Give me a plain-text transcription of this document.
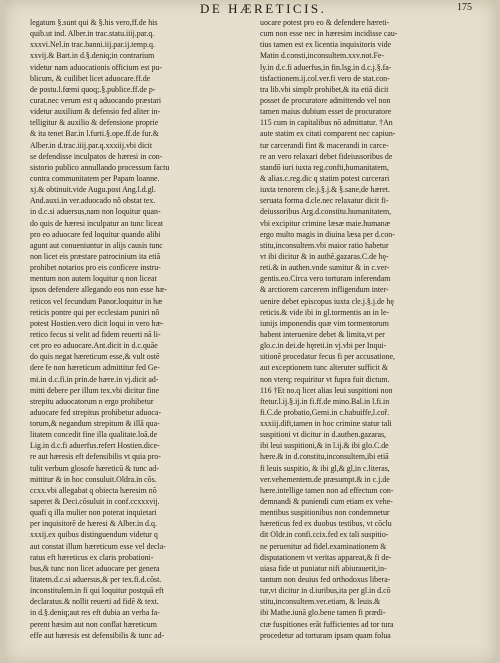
DE HÆRETICIS.	175
legatum §.sunt qui & §.his vero,ff.de his
quib.ut ind. Alber.in trac.statu.iiij.par.q.
xxxvi.Nel.in trac.banni.iij.par.ij.temp.q.
xxvij.& Bart.in d.§.deniq;in contrarium
videtur nam aduocationis officium est pu-
blicum, & cuilibet licet aduocare.ff.de
de postu.l.fœmi quoq;.§.publice.ff.de p-
curat.nec verum est q aduocando præstari
videtur auxilium & defensio fed aliter in-
telligitur & auxilio & defensione proprie
& ita tenet Bar.in l.furti.§.ope.ff.de fur.&
Alber.in d.trac.iiij.par.q.xxxiij.vbi dicit
se defendisse inculpatos de hæresi in con-
sistorio publico annullando processum factu
contra communitatem per Papam loanne.
xj.& obtinuit.vide Augu.post Ang.l.d.gl.
And.auxi.in ver.aduocado nô obstat tex.
in d.c.si aduersus,nam non loquitur quan-
do quis de hæresi inculpatur an tunc liceat
pro eo aduocare fed loquitur quando alibi
agunt aut conueniuntur in alijs causis tunc
non licet eis præstare patrocinium ita etiā
prohibet notarios pro eis conficere instru-
mentum non autem loquitur q non liceat
ipsos defendere allegando eos non esse hæ-
reticos vel fecundum Panor.loquitur in hæ
reticis pontre qui per ecclesiam puniri nô
potest Hostien.vero dicit loqui in vero hæ-
retico fecus si velit ad fidem reuerti nā li-
cet pro eo aduocare.Ant.dicit in d.c.quāe
do quis negat hæreticum esse,& vult ostē
dere fe non hæreticum admittitur fed Ge-
mi.in d.c.fi.in prin.de hære.in vj.dicit ad-
mitti debere per illum tex.vbi dicitur fine
strepitu aduocatorum n ergo prohibetur
aduocare fed strepitus prohibetur aduoca-
torum,& negandum strepitum & illā qua-
litatem concedit fine illa qualitate.loā.de
Lig.in d.c.fi aduerfus.refert Hostien.dice-
re aut hæresis eft defensibilis vt quia pro-
tulit verbum glosofe hæreticū & tunc ad-
mittitur & in hoc consuluit.Oldra.in cōs.
ccxx.vbi allegabat q obiecta hæresim nō
saperet & Deci.cōsuluit in conf.ccxxxvij.
quafi q illa mulier non poterat inquietari
per inquisitorē de hæresi & Alber.in d.q.
xxxij.ex quibus distinguendum videtur q
aut constat illum hæreticum esse vel decla-
ratus eft hæreticus ex claris probationi-
bus,& tunc non licet aduocare per genera
litatem.d.c.si aduersus,& per tex.fi.d.cōst.
inconstitulem.in fi qui loquitur postquā eft
declaratus.& nollit reuerti ad fidē & text.
in d.§.deniq;aut res eft dubia an verba fa-
perent hæsim aut non conflat hæreticum
effe aut hæresis est defensibilis & tunc ad-
uocare potest pro eo & defendere hæreti-
cum non esse nec in hæresim incidisse cau-
tius tamen est ex licentia inquisitoris vide
Matin d.consti,inconsultem.xxv.not.Fe-
ly.in d.c.fi aduerfus,in fin.lsg.in d.c.j.§.fa-
tisfactionem.ij.col.ver.fi vero de stat.con-
tra lib.vbi simplr prohibet,& ita etiā dicit
posset de procuratore admittendo vel non
tamen maius dubium esset de procuratore
115 cum in capitalibus nō admittatur. †An
aute statim ex citati comparent nec capiun-
tur carcerandi fint & macerandi in carce-
re an vero relaxari debet fideiussoribus de
standō iuri iuxta reg.confti,humanitatem,
& alias.c.reg.dic q statim potest carcerari
iuxta tenorem cle.j.§.j.& §.sane,de hæret.
seruata forma d.cle.nec relaxatur dicit fi-
deiussoribus Arg.d.constitu.humanitatem,
vbi excipitur crimine læsæ maie.humanæ
ergo multo magis in diuina læsa per d.con-
stitu,inconsultem.vbi maior ratio habetur
vt ibi dicitur & in authē.gazaras.C.de hę-
reti.& in authen.vnde sumitur & in c.ver-
gentis.eo.Circa vero torturam inferendam
& arctiorem carcerem infligendum inter-
uenire debet episcopus iuxta cle.j.§.j.de hę
reticis.& vide ibi in gl.tormentis an in le-
iunijs imponendis quæ vim tormentorum
habent interuenire debet & limita,vt per
glo.c.in dei.de hęreti.in vj.vbi per Inqui-
sitionē procedatur fecus fi per accusatione,
aut exceptionem tunc alteruter sufficit &
non vterq; requiritur vt fupra fuit dictum.
116 †Et no.q licet alias leui suspitioni non
ftetur.l.ij.§.ij.in fi.ff.de mino.Bal.in l.fi.in
fi.C.de probatio,Gemi.in c.habuiffe,l.coř.
xxxiij.dift,tamen in hoc crimine statur tali
suspitioni vt dicitur in d.authen.gazaras,
ibi leui suspitioni,& in l.ij.& ibi glo.C.de
hære.& in d.constitu,inconsultem,ibi etiā
fi leuis suspitio, & ibi gl,& gl,in c.literas,
ver.vehementem.de præsumpt.& in c.j.de
hære.intellige tamen non ad effectum con-
demnandi & puniendi cum etiam ex vehe-
mentibus suspitionibus non condemnetur
hæreticus fed ex duobus testibus, vt cōclu
dit Oldr.in confi.ccix.fed ex tali suspitio-
ne peruenitur ad fidel.examinationem &
disputationem vt veritas appareat,& fi de-
uiasa fide ut puniatur nifi abiurauerit,in-
tantum non deuius fed orthodoxus libera-
tur,vt dicitur in d.iuribus,ita per gl.in d.cō
stitu,inconsultem.ver.etiam, & leuis.&
ibi Mathe.iunā glo.bene tamen fi prædi-
ctæ fuspitiones erāt fufficientes ad tor tura
procedetur ad torturam ipsam quam folua
